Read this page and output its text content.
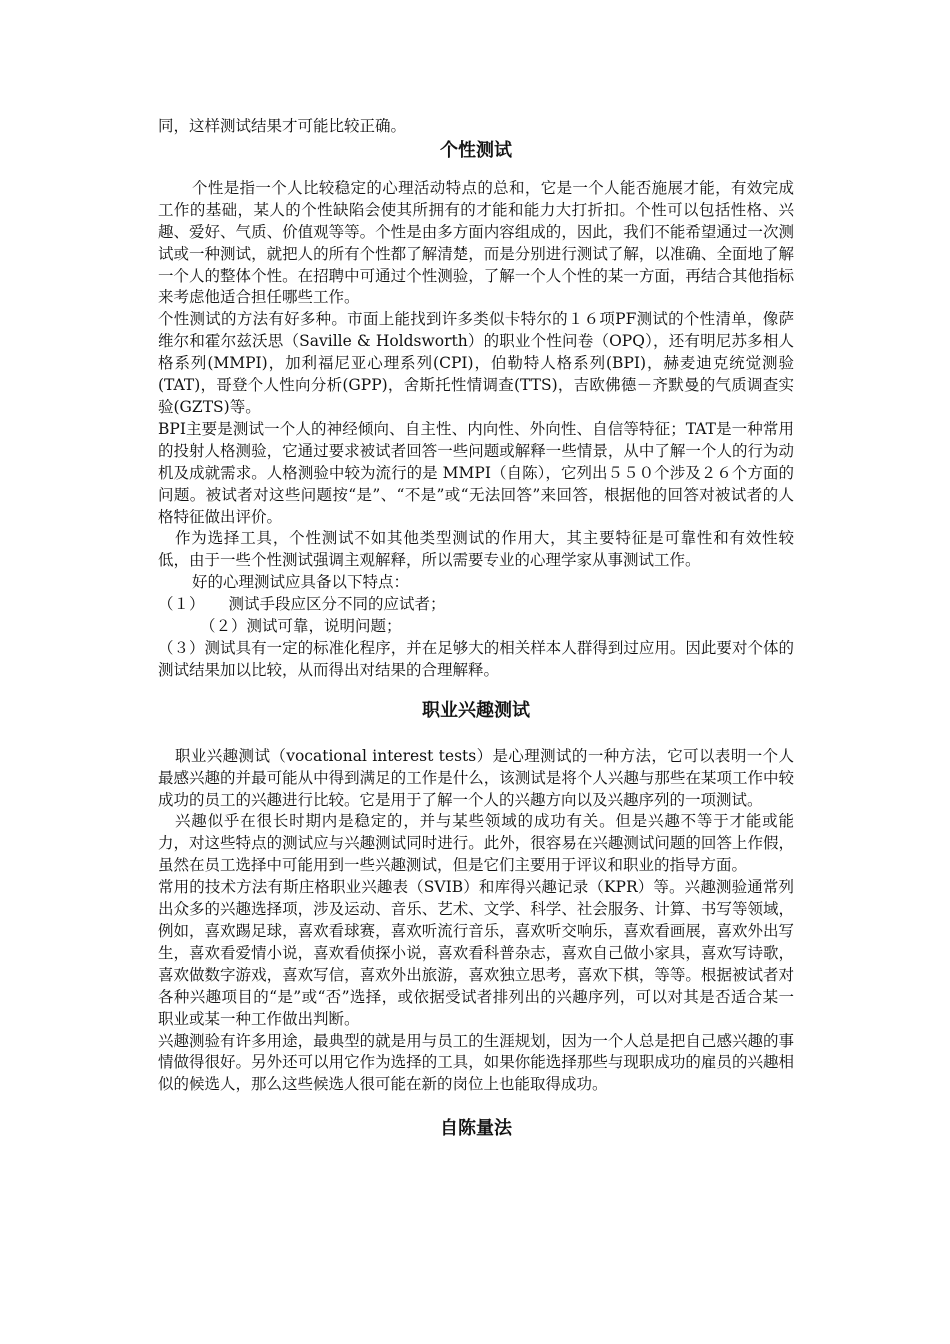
同，这样测试结果才可能比较正确。

个性测试

个性是指一个人比较稳定的心理活动特点的总和，它是一个人能否施展才能，有效完成工作的基础，某人的个性缺陷会使其所拥有的才能和能力大打折扣。个性可以包括性格、兴趣、爱好、气质、价值观等等。个性是由多方面内容组成的，因此，我们不能希望通过一次测试或一种测试，就把人的所有个性都了解清楚，而是分别进行测试了解，以准确、全面地了解一个人的整体个性。在招聘中可通过个性测验，了解一个人个性的某一方面，再结合其他指标来考虑他适合担任哪些工作。

个性测试的方法有好多种。市面上能找到许多类似卡特尔的１６项PF测试的个性清单，像萨维尔和霍尔兹沃思（Saville & Holdsworth）的职业个性问卷（OPQ），还有明尼苏多相人格系列(MMPI)，加利福尼亚心理系列(CPI)，伯勒特人格系列(BPI)，赫麦迪克统觉测验(TAT)，哥登个人性向分析(GPP)，舍斯托性情调查(TTS)，吉欧佛德－齐默曼的气质调查实验(GZTS)等。

BPI主要是测试一个人的神经倾向、自主性、内向性、外向性、自信等特征；TAT是一种常用的投射人格测验，它通过要求被试者回答一些问题或解释一些情景，从中了解一个人的行为动机及成就需求。人格测验中较为流行的是 MMPI（自陈），它列出５５０个涉及２６个方面的问题。被试者对这些问题按“是”、“不是”或“无法回答”来回答，根据他的回答对被试者的人格特征做出评价。

作为选择工具，个性测试不如其他类型测试的作用大，其主要特征是可靠性和有效性较低，由于一些个性测试强调主观解释，所以需要专业的心理学家从事测试工作。

好的心理测试应具备以下特点：

（１） 测试手段应区分不同的应试者；

（２）测试可靠，说明问题；

（３）测试具有一定的标准化程序，并在足够大的相关样本人群得到过应用。因此要对个体的测试结果加以比较，从而得出对结果的合理解释。

职业兴趣测试

职业兴趣测试（vocational interest tests）是心理测试的一种方法，它可以表明一个人最感兴趣的并最可能从中得到满足的工作是什么，该测试是将个人兴趣与那些在某项工作中较成功的员工的兴趣进行比较。它是用于了解一个人的兴趣方向以及兴趣序列的一项测试。

兴趣似乎在很长时期内是稳定的，并与某些领域的成功有关。但是兴趣不等于才能或能力，对这些特点的测试应与兴趣测试同时进行。此外，很容易在兴趣测试问题的回答上作假，虽然在员工选择中可能用到一些兴趣测试，但是它们主要用于评议和职业的指导方面。

常用的技术方法有斯庄格职业兴趣表（SVIB）和库得兴趣记录（KPR）等。兴趣测验通常列出众多的兴趣选择项，涉及运动、音乐、艺术、文学、科学、社会服务、计算、书写等领域，例如，喜欢踢足球，喜欢看球赛，喜欢听流行音乐，喜欢听交响乐，喜欢看画展，喜欢外出写生，喜欢看爱情小说，喜欢看侦探小说，喜欢看科普杂志，喜欢自己做小家具，喜欢写诗歌，喜欢做数字游戏，喜欢写信，喜欢外出旅游，喜欢独立思考，喜欢下棋，等等。根据被试者对各种兴趣项目的“是”或“否”选择，或依据受试者排列出的兴趣序列，可以对其是否适合某一职业或某一种工作做出判断。

兴趣测验有许多用途，最典型的就是用与员工的生涯规划，因为一个人总是把自己感兴趣的事情做得很好。另外还可以用它作为选择的工具，如果你能选择那些与现职成功的雇员的兴趣相似的候选人，那么这些候选人很可能在新的岗位上也能取得成功。

自陈量法
